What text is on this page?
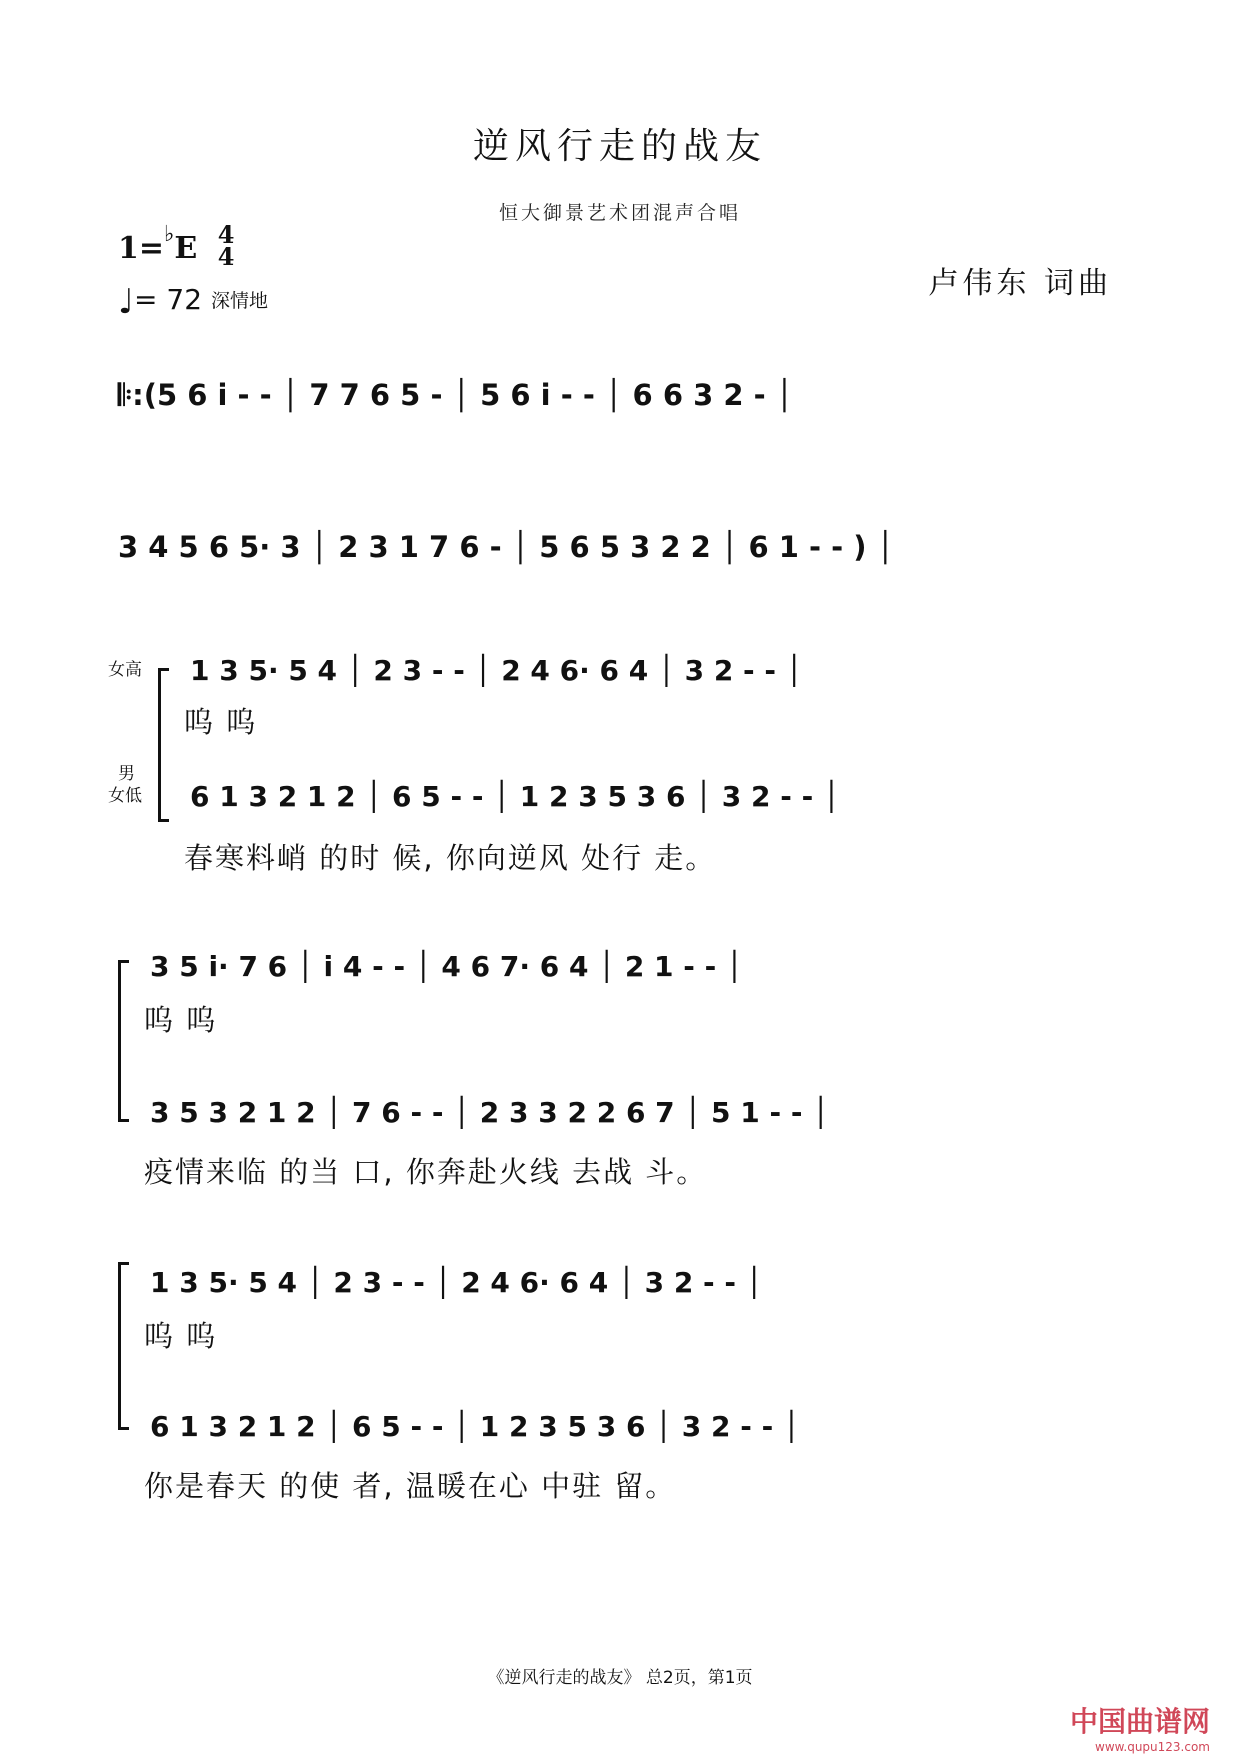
逆风行走的战友
恒大御景艺术团混声合唱
1=♭E 4
4
♩= 72 深情地	卢伟东 词曲
𝄆:(5 6 i - - │ 7 7 6 5 - │ 5 6 i - - │ 6 6 3 2 - │
3 4 5 6 5· 3 │ 2 3 1 7 6 - │ 5 6 5 3 2 2 │ 6 1 - - ) │
女高
男
女低
1 3 5· 5 4 │ 2 3 - - │ 2 4 6· 6 4 │ 3 2 - - │
呜 呜
6 1 3 2 1 2 │ 6 5 - - │ 1 2 3 5 3 6 │ 3 2 - - │
春寒料峭 的时 候, 你向逆风 处行 走。
3 5 i· 7 6 │ i 4 - - │ 4 6 7· 6 4 │ 2 1 - - │
呜 呜
3 5 3 2 1 2 │ 7 6 - - │ 2 3 3 2 2 6 7 │ 5 1 - - │
疫情来临 的当 口, 你奔赴火线 去战 斗。
1 3 5· 5 4 │ 2 3 - - │ 2 4 6· 6 4 │ 3 2 - - │
呜 呜
6 1 3 2 1 2 │ 6 5 - - │ 1 2 3 5 3 6 │ 3 2 - - │
你是春天 的使 者, 温暖在心 中驻 留。
《逆风行走的战友》 总2页，第1页
中国曲谱网
www.qupu123.com
